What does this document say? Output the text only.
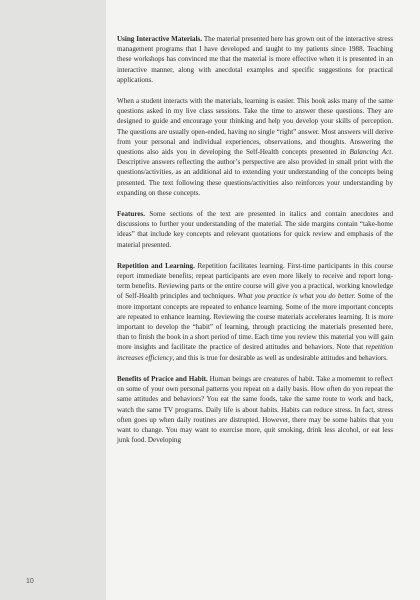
Using Interactive Materials. The material presented here has grown out of the interactive stress management programs that I have developed and taught to my patients since 1988. Teaching these workshops has convinced me that the material is more effective when it is presented in an interactive manner, along with anecdotal examples and specific suggestions for practical applications.

When a student interacts with the materials, learning is easier. This book asks many of the same questions asked in my live class sessions. Take the time to answer these questions. They are designed to guide and encourage your thinking and help you develop your skills of perception. The questions are usually open-ended, having no single “right” answer. Most answers will derive from your personal and individual experiences, observations, and thoughts. Answering the questions also aids you in developing the Self-Health concepts presented in Balancing Act. Descriptive answers reflecting the author’s perspective are also provided in small print with the questions/activities, as an additional aid to extending your understanding of the concepts being presented. The text following these questions/activities also reinforces your understanding by expanding on these concepts.

Features. Some sections of the text are presented in italics and contain anecdotes and discussions to further your understanding of the material. The side margins contain “take-home ideas” that include key concepts and relevant quotations for quick review and emphasis of the material presented.

Repetition and Learning. Repetition facilitates learning. First-time participants in this course report immediate benefits; repeat participants are even more likely to receive and report long-term benefits. Reviewing parts or the entire course will give you a practical, working knowledge of Self-Health principles and techniques. What you practice is what you do better. Some of the more important concepts are repeated to enhance learning. Some of the more important concepts are repeated to enhance learning. Reviewing the course materials accelerates learning. It is more important to develop the “habit” of learning, through practicing the materials presented here, than to finish the book in a short period of time. Each time you review this material you will gain more insights and facilitate the practice of desired attitudes and behaviors. Note that repetition increases efficiency, and this is true for desirable as well as undesirable attitudes and behaviors.

Benefits of Pracice and Habit. Human beings are creatures of habit. Take a momemnt to reflect on some of your own personal patterns you repeat on a daily basis. How often do you repeat the same attitudes and behaviors? You eat the same foods, take the same route to work and back, watch the same TV programs. Daily life is about habits. Habits can reduce stress. In fact, stress often goes up when daily routines are distrupted. However, there may be some habits that you want to change. You may want to exercise more, quit smoking, drink less alcohol, or eat less junk food. Developing

10
